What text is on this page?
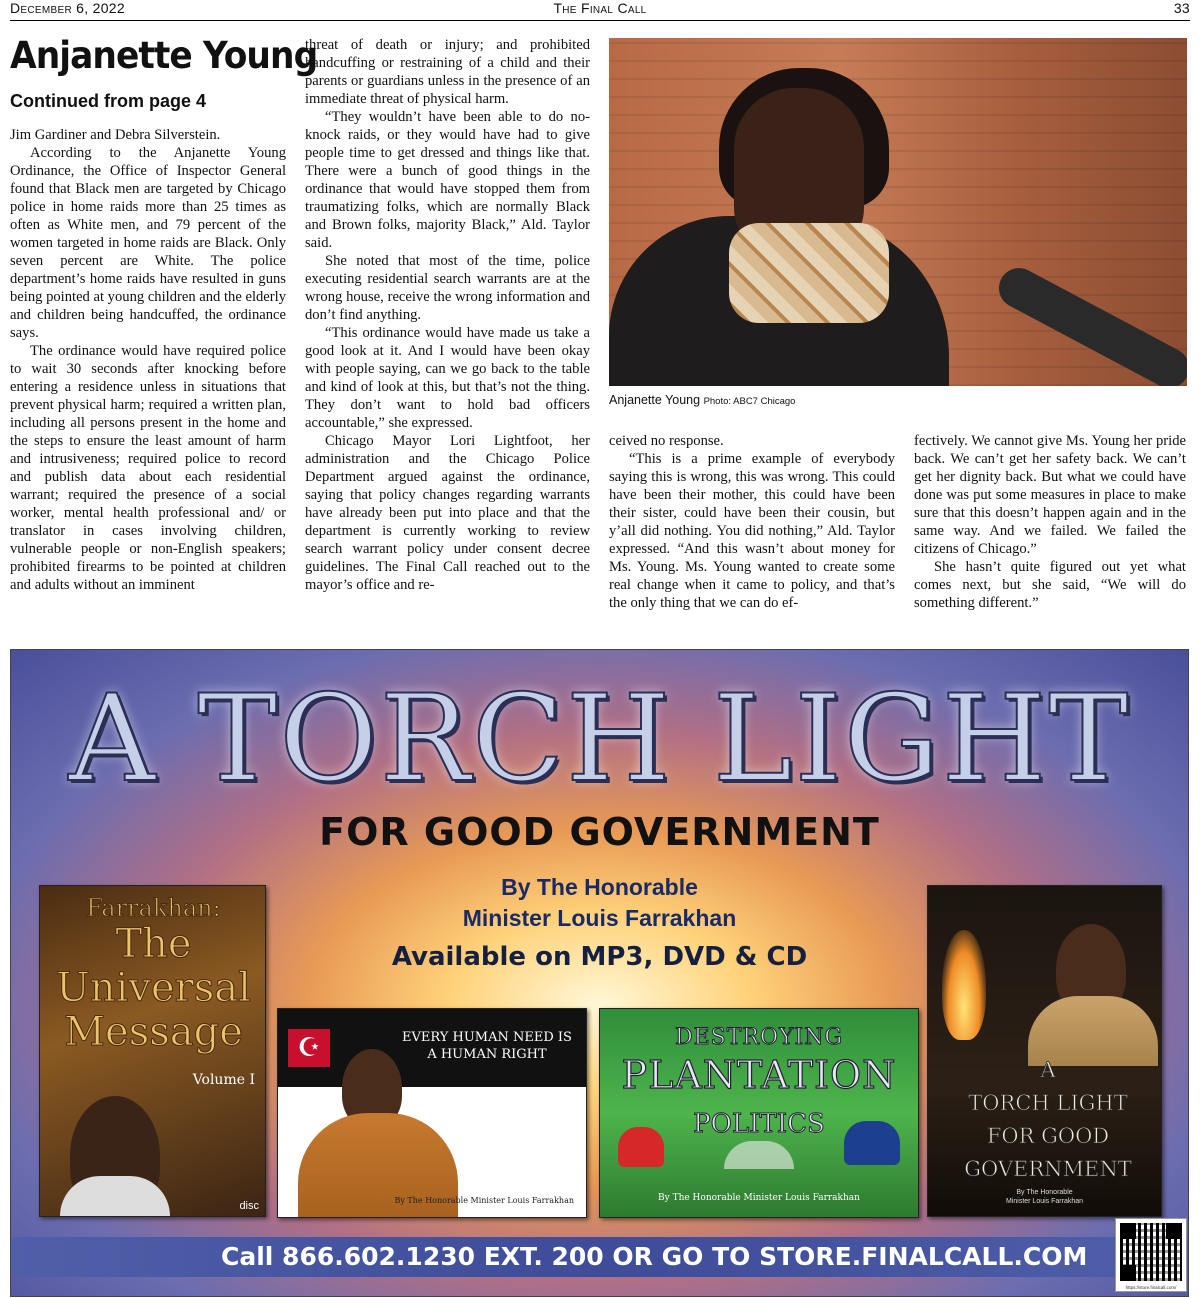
December 6, 2022	The Final Call	33
Anjanette Young
Continued from page 4

Jim Gardiner and Debra Silverstein.

According to the Anjanette Young Ordinance, the Office of Inspector General found that Black men are targeted by Chicago police in home raids more than 25 times as often as White men, and 79 percent of the women targeted in home raids are Black. Only seven percent are White. The police department’s home raids have resulted in guns being pointed at young children and the elderly and children being handcuffed, the ordinance says.

The ordinance would have required police to wait 30 seconds after knocking before entering a residence unless in situations that prevent physical harm; required a written plan, including all persons present in the home and the steps to ensure the least amount of harm and intrusiveness; required police to record and publish data about each residential warrant; required the presence of a social worker, mental health professional and/ or translator in cases involving children, vulnerable people or non-English speakers; prohibited firearms to be pointed at children and adults without an imminent

threat of death or injury; and prohibited handcuffing or restraining of a child and their parents or guardians unless in the presence of an immediate threat of physical harm.

“They wouldn’t have been able to do no-knock raids, or they would have had to give people time to get dressed and things like that. There were a bunch of good things in the ordinance that would have stopped them from traumatizing folks, which are normally Black and Brown folks, majority Black,” Ald. Taylor said.

She noted that most of the time, police executing residential search warrants are at the wrong house, receive the wrong information and don’t find anything.

“This ordinance would have made us take a good look at it. And I would have been okay with people saying, can we go back to the table and kind of look at this, but that’s not the thing. They don’t want to hold bad officers accountable,” she expressed.

Chicago Mayor Lori Lightfoot, her administration and the Chicago Police Department argued against the ordinance, saying that policy changes regarding warrants have already been put into place and that the department is currently working to review search warrant policy under consent decree guidelines. The Final Call reached out to the mayor’s office and re-

Anjanette Young Photo: ABC7 Chicago

ceived no response.

“This is a prime example of everybody saying this is wrong, this was wrong. This could have been their mother, this could have been their sister, could have been their cousin, but y’all did nothing. You did nothing,” Ald. Taylor expressed. “And this wasn’t about money for Ms. Young. Ms. Young wanted to create some real change when it came to policy, and that’s the only thing that we can do ef-

fectively. We cannot give Ms. Young her pride back. We can’t get her safety back. We can’t get her dignity back. But what we could have done was put some measures in place to make sure that this doesn’t happen again and in the same way. And we failed. We failed the citizens of Chicago.”

She hasn’t quite figured out yet what comes next, but she said, “We will do something different.”

A TORCH LIGHT
FOR GOOD GOVERNMENT
By The Honorable
Minister Louis Farrakhan
Available on MP3, DVD & CD
Farrakhan:
The
Universal
Message
Volume I
disc
☪	EVERY HUMAN NEED IS A HUMAN RIGHT
By The Honorable Minister Louis Farrakhan
DESTROYING
PLANTATION
POLITICS
By The Honorable Minister Louis Farrakhan
A
TORCH LIGHT
FOR GOOD
GOVERNMENT
By The Honorable
Minister Louis Farrakhan
Call 866.602.1230 EXT. 200 OR GO TO STORE.FINALCALL.COM
https://store.finalcall.com/
